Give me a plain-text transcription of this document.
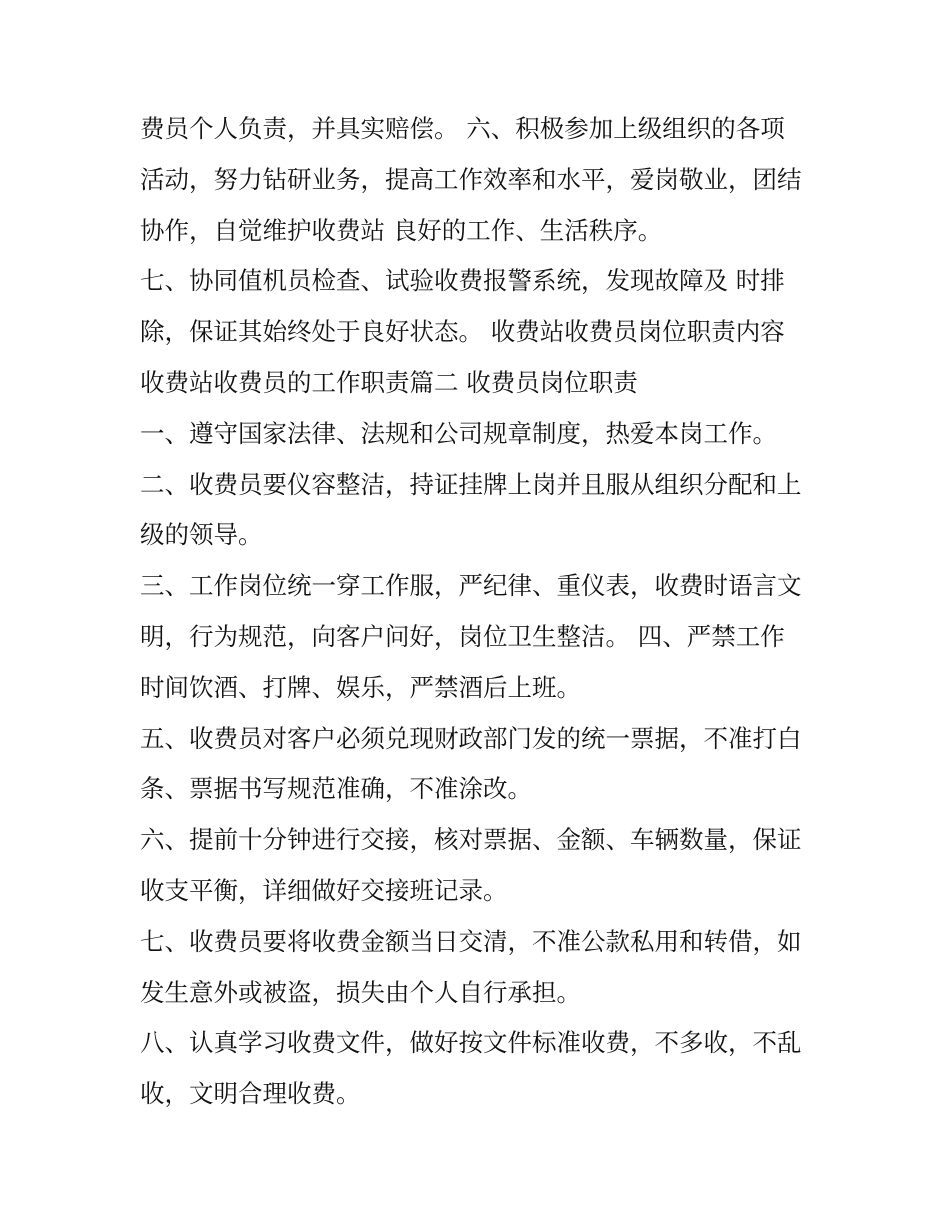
费员个人负责，并具实赔偿。 六、积极参加上级组织的各项
活动，努力钻研业务，提高工作效率和水平，爱岗敬业，团结
协作，自觉维护收费站 良好的工作、生活秩序。
七、协同值机员检查、试验收费报警系统，发现故障及 时排
除，保证其始终处于良好状态。 收费站收费员岗位职责内容
收费站收费员的工作职责篇二 收费员岗位职责
一、遵守国家法律、法规和公司规章制度，热爱本岗工作。
二、收费员要仪容整洁，持证挂牌上岗并且服从组织分配和上
级的领导。
三、工作岗位统一穿工作服，严纪律、重仪表，收费时语言文
明，行为规范，向客户问好，岗位卫生整洁。 四、严禁工作
时间饮酒、打牌、娱乐，严禁酒后上班。
五、收费员对客户必须兑现财政部门发的统一票据，不准打白
条、票据书写规范准确，不准涂改。
六、提前十分钟进行交接，核对票据、金额、车辆数量，保证
收支平衡，详细做好交接班记录。
七、收费员要将收费金额当日交清，不准公款私用和转借，如
发生意外或被盗，损失由个人自行承担。
八、认真学习收费文件，做好按文件标准收费，不多收，不乱
收，文明合理收费。
